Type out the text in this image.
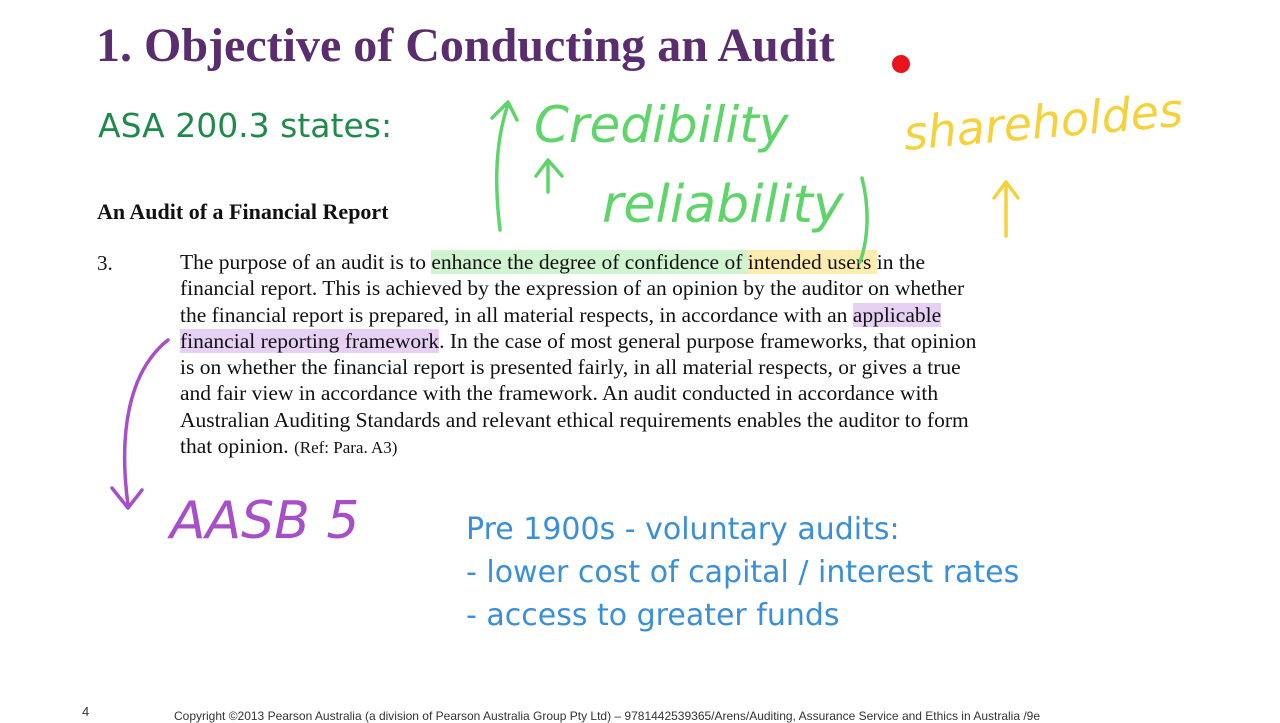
1. Objective of Conducting an Audit
ASA 200.3 states:
An Audit of a Financial Report
3.	The purpose of an audit is to enhance the degree of confidence of intended users in the
financial report. This is achieved by the expression of an opinion by the auditor on whether
the financial report is prepared, in all material respects, in accordance with an applicable
financial reporting framework. In the case of most general purpose frameworks, that opinion
is on whether the financial report is presented fairly, in all material respects, or gives a true
and fair view in accordance with the framework. An audit conducted in accordance with
Australian Auditing Standards and relevant ethical requirements enables the auditor to form
that opinion. (Ref: Para. A3)
Pre 1900s - voluntary audits:
- lower cost of capital / interest rates
- access to greater funds
Credibility
reliability
shareholdes
AASB 5
4	Copyright ©2013 Pearson Australia (a division of Pearson Australia Group Pty Ltd) – 9781442539365/Arens/Auditing, Assurance Service and Ethics in Australia /9e
